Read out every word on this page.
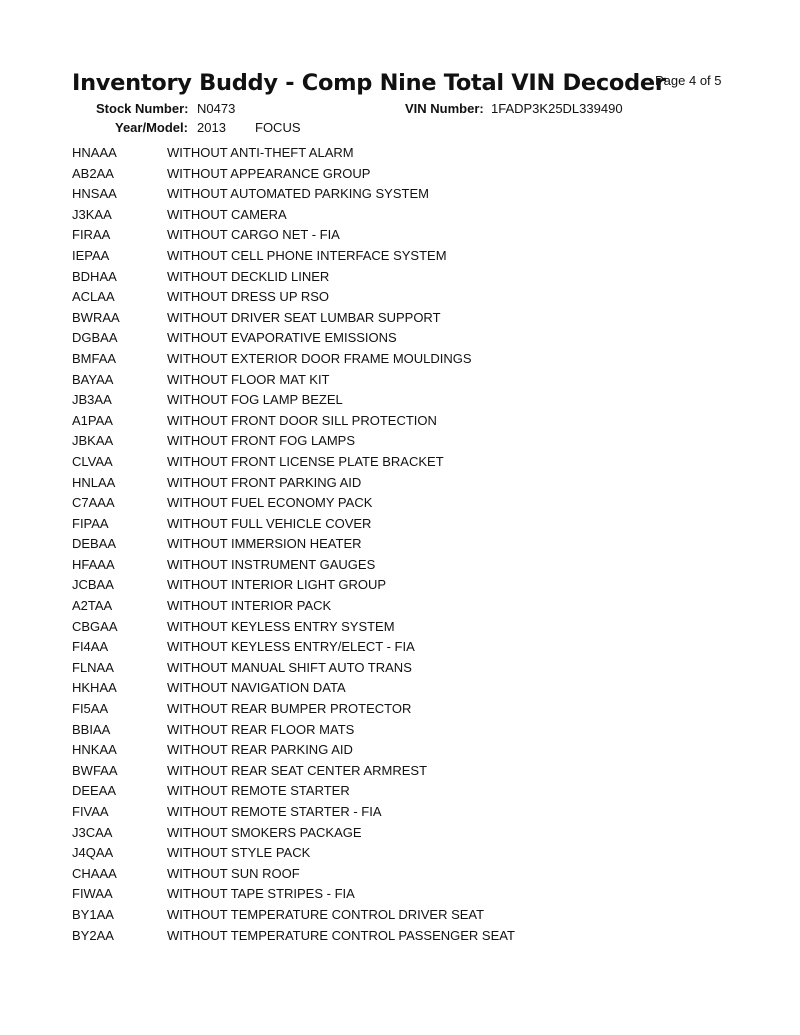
Inventory Buddy - Comp Nine Total VIN Decoder
Page 4 of 5
Stock Number: N0473	VIN Number: 1FADP3K25DL339490
Year/Model: 2013 FOCUS
HNAAA	WITHOUT ANTI-THEFT ALARM
AB2AA	WITHOUT APPEARANCE GROUP
HNSAA	WITHOUT AUTOMATED PARKING SYSTEM
J3KAA	WITHOUT CAMERA
FIRAA	WITHOUT CARGO NET - FIA
IEPAA	WITHOUT CELL PHONE INTERFACE SYSTEM
BDHAA	WITHOUT DECKLID LINER
ACLAA	WITHOUT DRESS UP RSO
BWRAA	WITHOUT DRIVER SEAT LUMBAR SUPPORT
DGBAA	WITHOUT EVAPORATIVE EMISSIONS
BMFAA	WITHOUT EXTERIOR DOOR FRAME MOULDINGS
BAYAA	WITHOUT FLOOR MAT KIT
JB3AA	WITHOUT FOG LAMP BEZEL
A1PAA	WITHOUT FRONT DOOR SILL PROTECTION
JBKAA	WITHOUT FRONT FOG LAMPS
CLVAA	WITHOUT FRONT LICENSE PLATE BRACKET
HNLAA	WITHOUT FRONT PARKING AID
C7AAA	WITHOUT FUEL ECONOMY PACK
FIPAA	WITHOUT FULL VEHICLE COVER
DEBAA	WITHOUT IMMERSION HEATER
HFAAA	WITHOUT INSTRUMENT GAUGES
JCBAA	WITHOUT INTERIOR LIGHT GROUP
A2TAA	WITHOUT INTERIOR PACK
CBGAA	WITHOUT KEYLESS ENTRY SYSTEM
FI4AA	WITHOUT KEYLESS ENTRY/ELECT - FIA
FLNAA	WITHOUT MANUAL SHIFT AUTO TRANS
HKHAA	WITHOUT NAVIGATION DATA
FI5AA	WITHOUT REAR BUMPER PROTECTOR
BBIAA	WITHOUT REAR FLOOR MATS
HNKAA	WITHOUT REAR PARKING AID
BWFAA	WITHOUT REAR SEAT CENTER ARMREST
DEEAA	WITHOUT REMOTE STARTER
FIVAA	WITHOUT REMOTE STARTER - FIA
J3CAA	WITHOUT SMOKERS PACKAGE
J4QAA	WITHOUT STYLE PACK
CHAAA	WITHOUT SUN ROOF
FIWAA	WITHOUT TAPE STRIPES - FIA
BY1AA	WITHOUT TEMPERATURE CONTROL DRIVER SEAT
BY2AA	WITHOUT TEMPERATURE CONTROL PASSENGER SEAT
